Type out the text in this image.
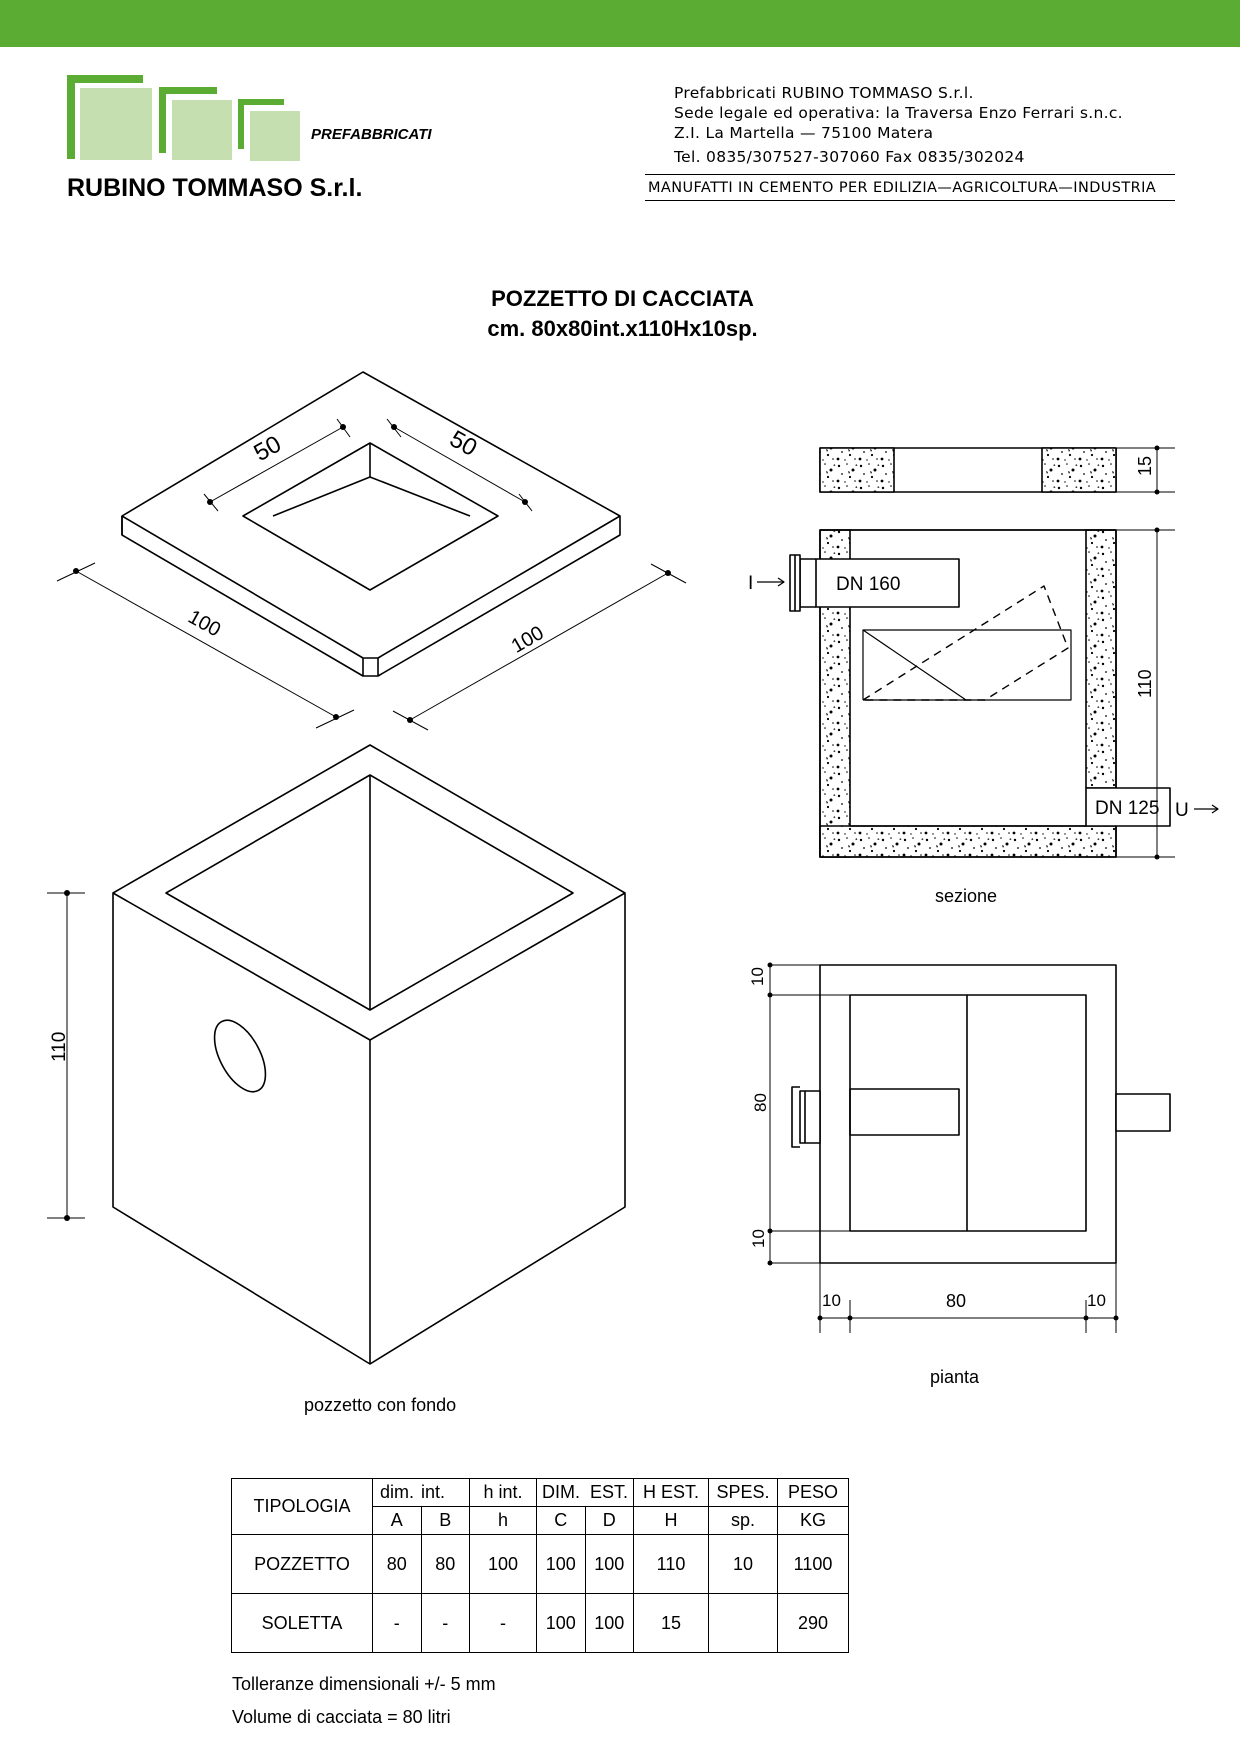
PREFABBRICATI
RUBINO TOMMASO S.r.l.
Prefabbricati RUBINO TOMMASO S.r.l.
Sede legale ed operativa: la Traversa Enzo Ferrari s.n.c.
Z.I. La Martella — 75100 Matera
Tel. 0835/307527-307060 Fax 0835/302024
MANUFATTI IN CEMENTO PER EDILIZIA—AGRICOLTURA—INDUSTRIA
POZZETTO DI CACCIATA
cm. 80x80int.x110Hx10sp.
50	50
100	100
110
15
110
DN 160
DN 125
I
U
10
80
10
10	80	10
pozzetto con fondo
sezione
pianta
TIPOLOGIA	dim.	int.	h int.	DIM.	EST.	H EST.	SPES.	PESO
	A	B	h	C	D	H	sp.	KG
POZZETTO	80	80	100	100	100	110	10	1100
SOLETTA	-	-	-	100	100	15		290
Tolleranze dimensionali +/- 5 mm
Volume di cacciata = 80 litri
